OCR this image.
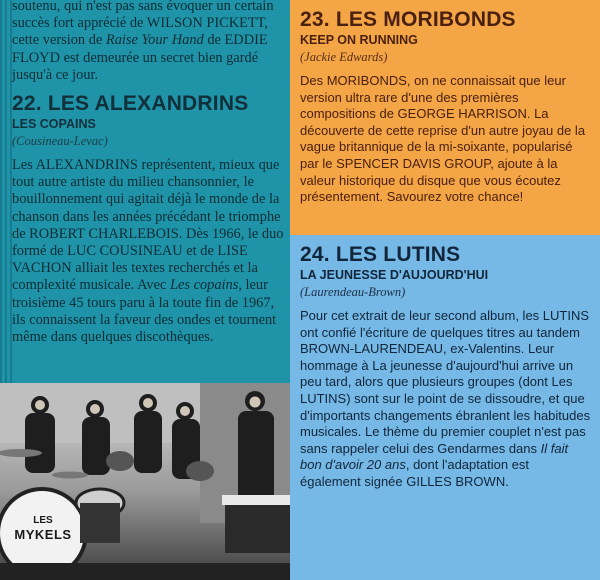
soutenu, qui n'est pas sans évoquer un certain succès fort apprécié de WILSON PICKETT, cette version de Raise Your Hand de EDDIE FLOYD est demeurée un secret bien gardé jusqu'à ce jour.

22. LES ALEXANDRINS
LES COPAINS
(Cousineau-Levac)

Les ALEXANDRINS représentent, mieux que tout autre artiste du milieu chansonnier, le bouillonnement qui agitait déjà le monde de la chanson dans les années précédant le triomphe de ROBERT CHARLEBOIS. Dès 1966, le duo formé de LUC COUSINEAU et de LISE VACHON alliait les textes recherchés et la complexité musicale. Avec Les copains, leur troisième 45 tours paru à la toute fin de 1967, ils connaissent la faveur des ondes et tournent même dans quelques discothèques.

LES
MYKELS
23. LES MORIBONDS
KEEP ON RUNNING
(Jackie Edwards)

Des MORIBONDS, on ne connaissait que leur version ultra rare d'une des premières compositions de GEORGE HARRISON. La découverte de cette reprise d'un autre joyau de la vague britannique de la mi-soixante, popularisé par le SPENCER DAVIS GROUP, ajoute à la valeur historique du disque que vous écoutez présentement. Savourez votre chance!

24. LES LUTINS
LA JEUNESSE D'AUJOURD'HUI
(Laurendeau-Brown)

Pour cet extrait de leur second album, les LUTINS ont confié l'écriture de quelques titres au tandem BROWN-LAURENDEAU, ex-Valentins. Leur hommage à La jeunesse d'aujourd'hui arrive un peu tard, alors que plusieurs groupes (dont Les LUTINS) sont sur le point de se dissoudre, et que d'importants changements ébranlent les habitudes musicales. Le thème du premier couplet n'est pas sans rappeler celui des Gendarmes dans Il fait bon d'avoir 20 ans, dont l'adaptation est également signée GILLES BROWN.
